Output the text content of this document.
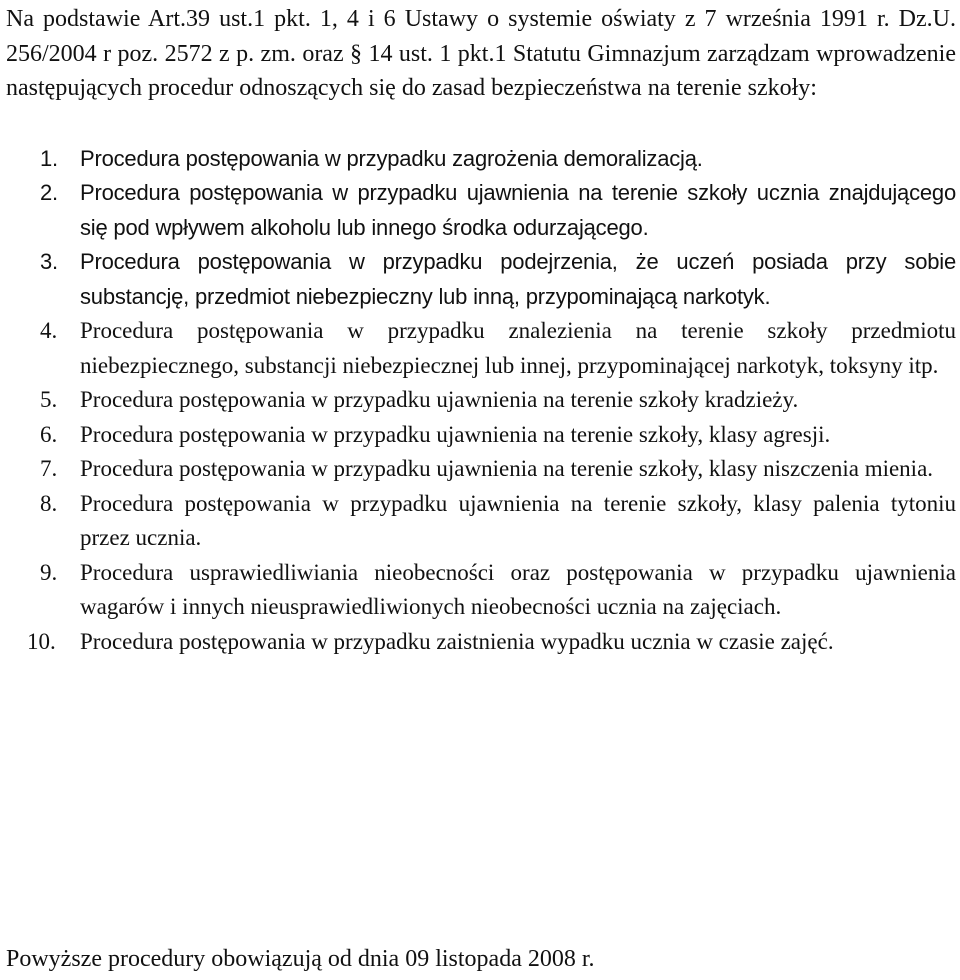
Na podstawie Art.39 ust.1 pkt. 1, 4 i 6 Ustawy o systemie oświaty z 7 września 1991 r. Dz.U. 256/2004 r poz. 2572 z p. zm. oraz § 14 ust. 1 pkt.1 Statutu Gimnazjum zarządzam wprowadzenie następujących procedur odnoszących się do zasad bezpieczeństwa na terenie szkoły:

1. Procedura postępowania w przypadku zagrożenia demoralizacją.
2. Procedura postępowania w przypadku ujawnienia na terenie szkoły ucznia znajdującego się pod wpływem alkoholu lub innego środka odurzającego.
3. Procedura postępowania w przypadku podejrzenia, że uczeń posiada przy sobie substancję, przedmiot niebezpieczny lub inną, przypominającą narkotyk.
4. Procedura postępowania w przypadku znalezienia na terenie szkoły przedmiotu niebezpiecznego, substancji niebezpiecznej lub innej, przypominającej narkotyk, toksyny itp.
5. Procedura postępowania w przypadku ujawnienia na terenie szkoły kradzieży.
6. Procedura postępowania w przypadku ujawnienia na terenie szkoły, klasy agresji.
7. Procedura postępowania w przypadku ujawnienia na terenie szkoły, klasy niszczenia mienia.
8. Procedura postępowania w przypadku ujawnienia na terenie szkoły, klasy palenia tytoniu przez ucznia.
9. Procedura usprawiedliwiania nieobecności oraz postępowania w przypadku ujawnienia wagarów i innych nieusprawiedliwionych nieobecności ucznia na zajęciach.
10. Procedura postępowania w przypadku zaistnienia wypadku ucznia w czasie zajęć.

Powyższe procedury obowiązują od dnia 09 listopada 2008 r.
